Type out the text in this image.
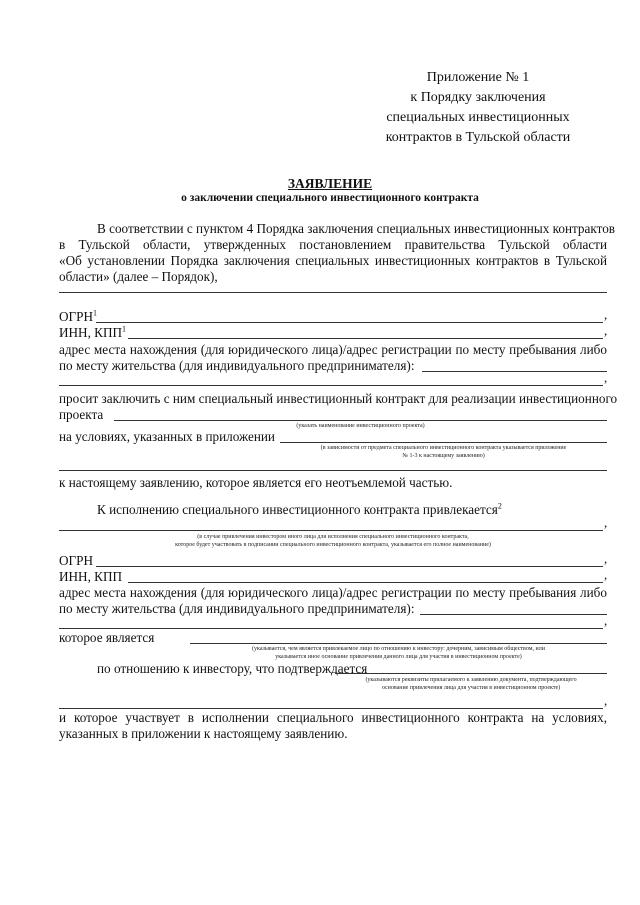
Приложение № 1
к Порядку заключения
специальных инвестиционных
контрактов в Тульской области
ЗАЯВЛЕНИЕ
о заключении специального инвестиционного контракта
В соответствии с пунктом 4 Порядка заключения специальных инвестиционных контрактов
в Тульской области, утвержденных постановлением правительства Тульской области
«Об установлении Порядка заключения специальных инвестиционных контрактов в Тульской
области» (далее – Порядок),
ОГРН$^1$	,
ИНН, КПП$^1$	,
адрес места нахождения (для юридического лица)/адрес регистрации по месту пребывания либо
по месту жительства (для индивидуального предпринимателя):
,
просит заключить с ним специальный инвестиционный контракт для реализации инвестиционного
проекта
(указать наименование инвестиционного проекта)
на условиях, указанных в приложении
(в зависимости от предмета специального инвестиционного контракта указывается приложение
№ 1-3 к настоящему заявлению)
к настоящему заявлению, которое является его неотъемлемой частью.
К исполнению специального инвестиционного контракта привлекается$^2$
,
(в случае привлечения инвестором иного лица для исполнения специального инвестиционного контракта,
которое будет участвовать в подписании специального инвестиционного контракта, указывается его полное наименование)
ОГРН	,
ИНН, КПП	,
адрес места нахождения (для юридического лица)/адрес регистрации по месту пребывания либо
по месту жительства (для индивидуального предпринимателя):
,
которое является
(указывается, чем является привлекаемое лицо по отношению к инвестору: дочерним, зависимым обществом, или
указывается иное основание привлечения данного лица для участия в инвестиционном проекте)
по отношению к инвестору, что подтверждается
(указываются реквизиты прилагаемого к заявлению документа, подтверждающего
основание привлечения лица для участия в инвестиционном проекте)
,
и которое участвует в исполнении специального инвестиционного контракта на условиях,
указанных в приложении к настоящему заявлению.
